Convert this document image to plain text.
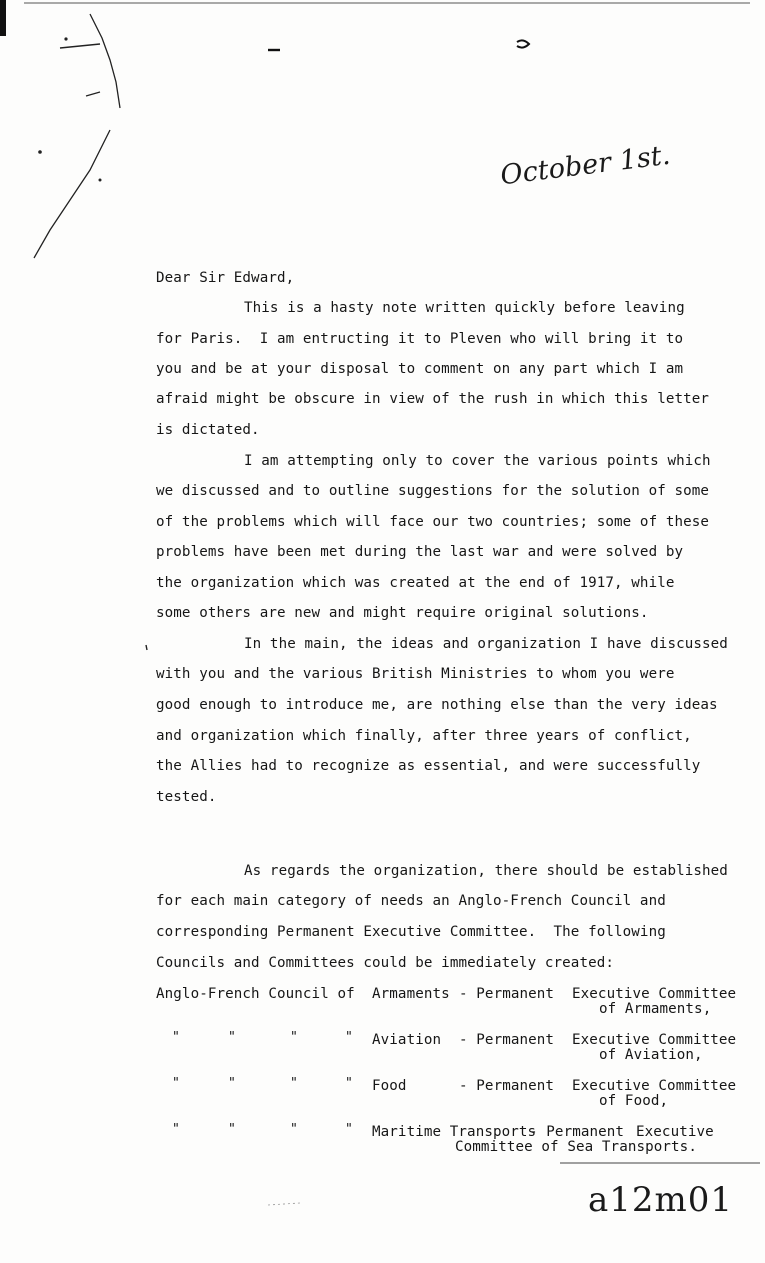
October 1st.
a12m01
Dear Sir Edward,
This is a hasty note written quickly before leaving
for Paris.  I am entructing it to Pleven who will bring it to
you and be at your disposal to comment on any part which I am
afraid might be obscure in view of the rush in which this letter
is dictated.
I am attempting only to cover the various points which
we discussed and to outline suggestions for the solution of some
of the problems which will face our two countries; some of these
problems have been met during the last war and were solved by
the organization which was created at the end of 1917, while
some others are new and might require original solutions.
In the main, the ideas and organization I have discussed
with you and the various British Ministries to whom you were
good enough to introduce me, are nothing else than the very ideas
and organization which finally, after three years of conflict,
the Allies had to recognize as essential, and were successfully
tested.
As regards the organization, there should be established
for each main category of needs an Anglo-French Council and
corresponding Permanent Executive Committee.  The following
Councils and Committees could be immediately created:
Anglo-French Council of Armaments - Permanent Executive Committee
of Armaments,
"	"	"	" Aviation - Permanent Executive Committee
of Aviation,
"	"	"	" Food	- Permanent Executive Committee
of Food,
"	"	"	" Maritime Transports
- Permanent Executive
Committee of Sea Transports.
